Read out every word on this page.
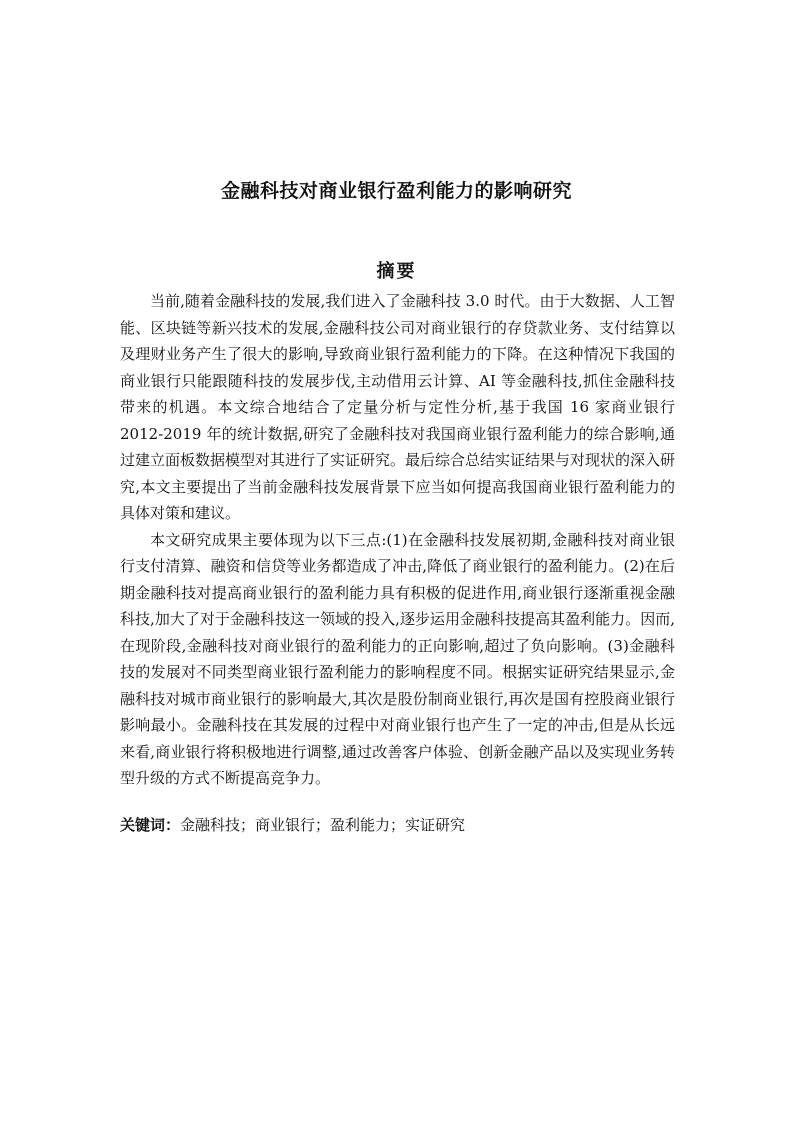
金融科技对商业银行盈利能力的影响研究
摘要

当前,随着金融科技的发展,我们进入了金融科技 3.0 时代。由于大数据、人工智能、区块链等新兴技术的发展,金融科技公司对商业银行的存贷款业务、支付结算以及理财业务产生了很大的影响,导致商业银行盈利能力的下降。在这种情况下我国的商业银行只能跟随科技的发展步伐,主动借用云计算、AI 等金融科技,抓住金融科技带来的机遇。本文综合地结合了定量分析与定性分析,基于我国 16 家商业银行 2012-2019 年的统计数据,研究了金融科技对我国商业银行盈利能力的综合影响,通过建立面板数据模型对其进行了实证研究。最后综合总结实证结果与对现状的深入研究,本文主要提出了当前金融科技发展背景下应当如何提高我国商业银行盈利能力的具体对策和建议。

本文研究成果主要体现为以下三点:(1)在金融科技发展初期,金融科技对商业银行支付清算、融资和信贷等业务都造成了冲击,降低了商业银行的盈利能力。(2)在后期金融科技对提高商业银行的盈利能力具有积极的促进作用,商业银行逐渐重视金融科技,加大了对于金融科技这一领域的投入,逐步运用金融科技提高其盈利能力。因而,在现阶段,金融科技对商业银行的盈利能力的正向影响,超过了负向影响。(3)金融科技的发展对不同类型商业银行盈利能力的影响程度不同。根据实证研究结果显示,金融科技对城市商业银行的影响最大,其次是股份制商业银行,再次是国有控股商业银行影响最小。金融科技在其发展的过程中对商业银行也产生了一定的冲击,但是从长远来看,商业银行将积极地进行调整,通过改善客户体验、创新金融产品以及实现业务转型升级的方式不断提高竞争力。

关键词：金融科技；商业银行；盈利能力；实证研究
